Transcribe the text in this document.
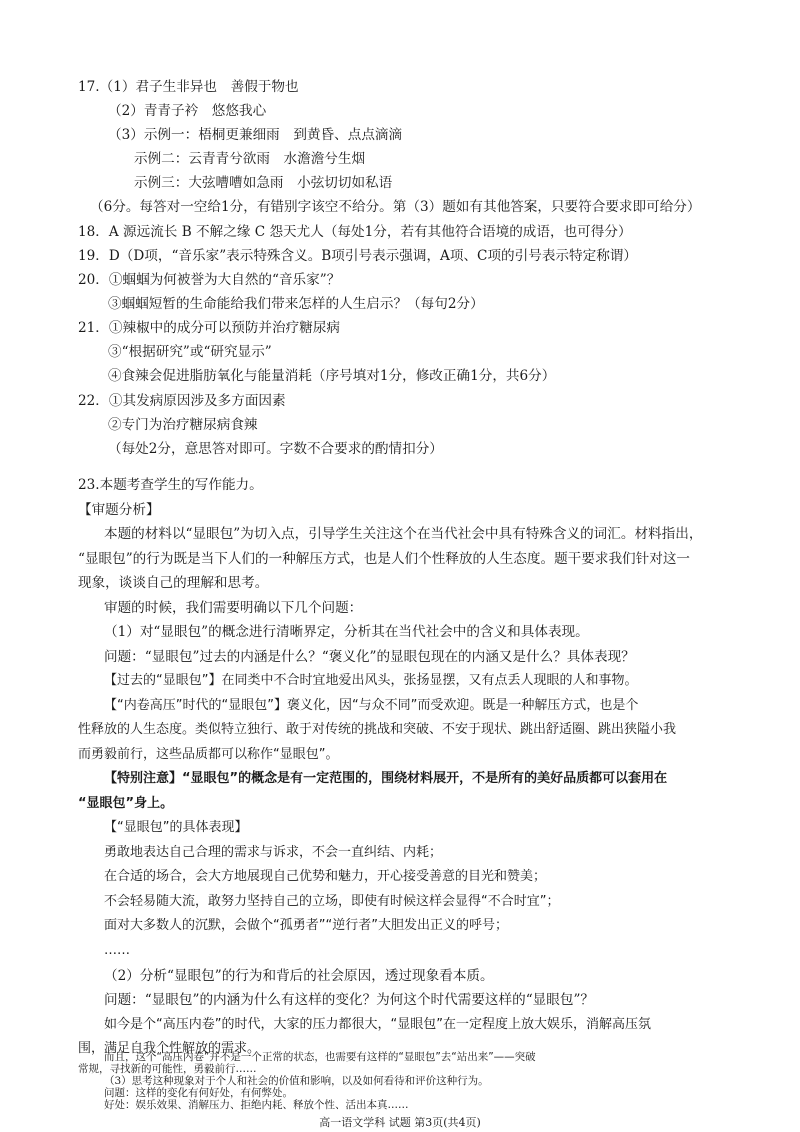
17.（1）君子生非异也　善假于物也
（2）青青子衿　悠悠我心
（3）示例一：梧桐更兼细雨　到黄昏、点点滴滴
示例二：云青青兮欲雨　水澹澹兮生烟
示例三：大弦嘈嘈如急雨　小弦切切如私语
（6分。每答对一空给1分，有错别字该空不给分。第（3）题如有其他答案，只要符合要求即可给分）
18．A 源远流长 B 不解之缘 C 怨天尤人（每处1分，若有其他符合语境的成语，也可得分）
19．D（D项，“音乐家”表示特殊含义。B项引号表示强调，A项、C项的引号表示特定称谓）
20．①蝈蝈为何被誉为大自然的“音乐家”？
③蝈蝈短暂的生命能给我们带来怎样的人生启示？（每句2分）
21．①辣椒中的成分可以预防并治疗糖尿病
③“根据研究”或“研究显示”
④食辣会促进脂肪氧化与能量消耗（序号填对1分，修改正确1分，共6分）
22．①其发病原因涉及多方面因素
②专门为治疗糖尿病食辣
（每处2分，意思答对即可。字数不合要求的酌情扣分）
23.本题考查学生的写作能力。
【审题分析】
本题的材料以“显眼包”为切入点，引导学生关注这个在当代社会中具有特殊含义的词汇。材料指出，
“显眼包”的行为既是当下人们的一种解压方式，也是人们个性释放的人生态度。题干要求我们针对这一
现象，谈谈自己的理解和思考。
审题的时候，我们需要明确以下几个问题：
（1）对“显眼包”的概念进行清晰界定，分析其在当代社会中的含义和具体表现。
问题：“显眼包”过去的内涵是什么？“褒义化”的显眼包现在的内涵又是什么？具体表现？
【过去的“显眼包”】在同类中不合时宜地爱出风头，张扬显摆，又有点丢人现眼的人和事物。
【“内卷高压”时代的“显眼包”】褒义化，因“与众不同”而受欢迎。既是一种解压方式，也是个
性释放的人生态度。类似特立独行、敢于对传统的挑战和突破、不安于现状、跳出舒适圈、跳出狭隘小我
而勇毅前行，这些品质都可以称作“显眼包”。
【特别注意】“显眼包”的概念是有一定范围的，围绕材料展开，不是所有的美好品质都可以套用在
“显眼包”身上。
【“显眼包”的具体表现】
勇敢地表达自己合理的需求与诉求，不会一直纠结、内耗；
在合适的场合，会大方地展现自己优势和魅力，开心接受善意的目光和赞美；
不会轻易随大流，敢努力坚持自己的立场，即使有时候这样会显得“不合时宜”；
面对大多数人的沉默，会做个“孤勇者”“逆行者”大胆发出正义的呼号；
……
（2）分析“显眼包”的行为和背后的社会原因，透过现象看本质。
问题：“显眼包”的内涵为什么有这样的变化？为何这个时代需要这样的“显眼包”？
如今是个“高压内卷”的时代，大家的压力都很大，“显眼包”在一定程度上放大娱乐，消解高压氛
围，满足自我个性解放的需求。
高一语文学科 试题 第3页(共4页)
而且，这个“高压内卷”并不是一个正常的状态，也需要有这样的“显眼包”去“站出来”——突破
常规，寻找新的可能性，勇毅前行……
（3）思考这种现象对于个人和社会的价值和影响，以及如何看待和评价这种行为。
问题：这样的变化有何好处，有何弊处。
好处：娱乐效果、消解压力、拒绝内耗、释放个性、活出本真……
